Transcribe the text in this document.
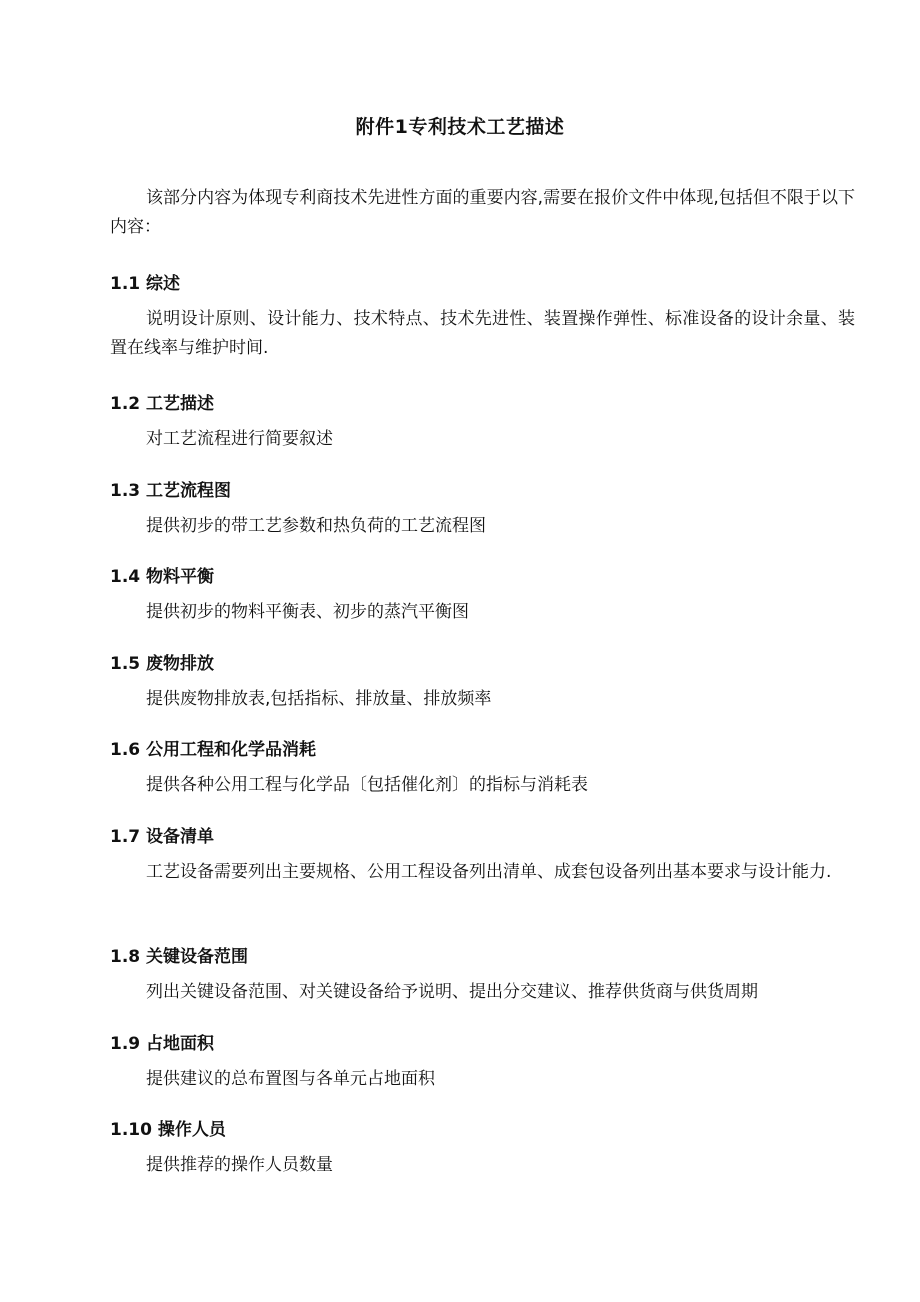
附件1专利技术工艺描述

该部分内容为体现专利商技术先进性方面的重要内容,需要在报价文件中体现,包括但不限于以下内容：

1.1 综述

说明设计原则、设计能力、技术特点、技术先进性、装置操作弹性、标准设备的设计余量、装置在线率与维护时间.

1.2 工艺描述

对工艺流程进行简要叙述

1.3 工艺流程图

提供初步的带工艺参数和热负荷的工艺流程图

1.4 物料平衡

提供初步的物料平衡表、初步的蒸汽平衡图

1.5 废物排放

提供废物排放表,包括指标、排放量、排放频率

1.6 公用工程和化学品消耗

提供各种公用工程与化学品〔包括催化剂〕的指标与消耗表

1.7 设备清单

工艺设备需要列出主要规格、公用工程设备列出清单、成套包设备列出基本要求与设计能力.

1.8 关键设备范围

列出关键设备范围、对关键设备给予说明、提出分交建议、推荐供货商与供货周期

1.9 占地面积

提供建议的总布置图与各单元占地面积

1.10 操作人员

提供推荐的操作人员数量
